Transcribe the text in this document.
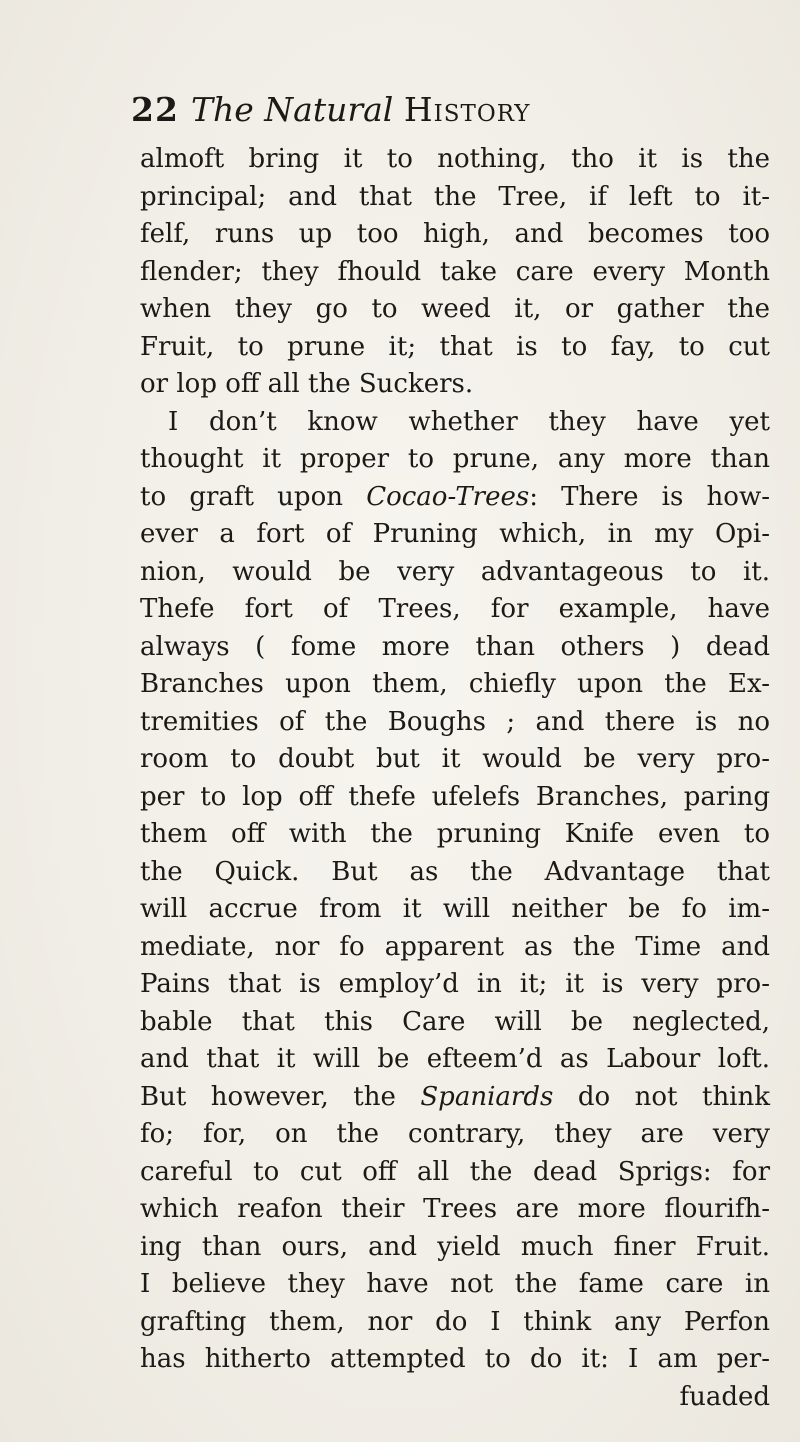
22 The Natural History
almoft bring it to nothing, tho it is the
principal; and that the Tree, if left to it-
felf, runs up too high, and becomes too
flender; they fhould take care every Month
when they go to weed it, or gather the
Fruit, to prune it; that is to fay, to cut
or lop off all the Suckers.
I don’t know whether they have yet
thought it proper to prune, any more than
to graft upon Cocao-Trees: There is how-
ever a fort of Pruning which, in my Opi-
nion, would be very advantageous to it.
Thefe fort of Trees, for example, have
always ( fome more than others ) dead
Branches upon them, chiefly upon the Ex-
tremities of the Boughs ; and there is no
room to doubt but it would be very pro-
per to lop off thefe ufelefs Branches, paring
them off with the pruning Knife even to
the Quick. But as the Advantage that
will accrue from it will neither be fo im-
mediate, nor fo apparent as the Time and
Pains that is employ’d in it; it is very pro-
bable that this Care will be neglected,
and that it will be efteem’d as Labour loft.
But however, the Spaniards do not think
fo; for, on the contrary, they are very
careful to cut off all the dead Sprigs: for
which reafon their Trees are more flourifh-
ing than ours, and yield much finer Fruit.
I believe they have not the fame care in
grafting them, nor do I think any Perfon
has hitherto attempted to do it: I am per-
fuaded
